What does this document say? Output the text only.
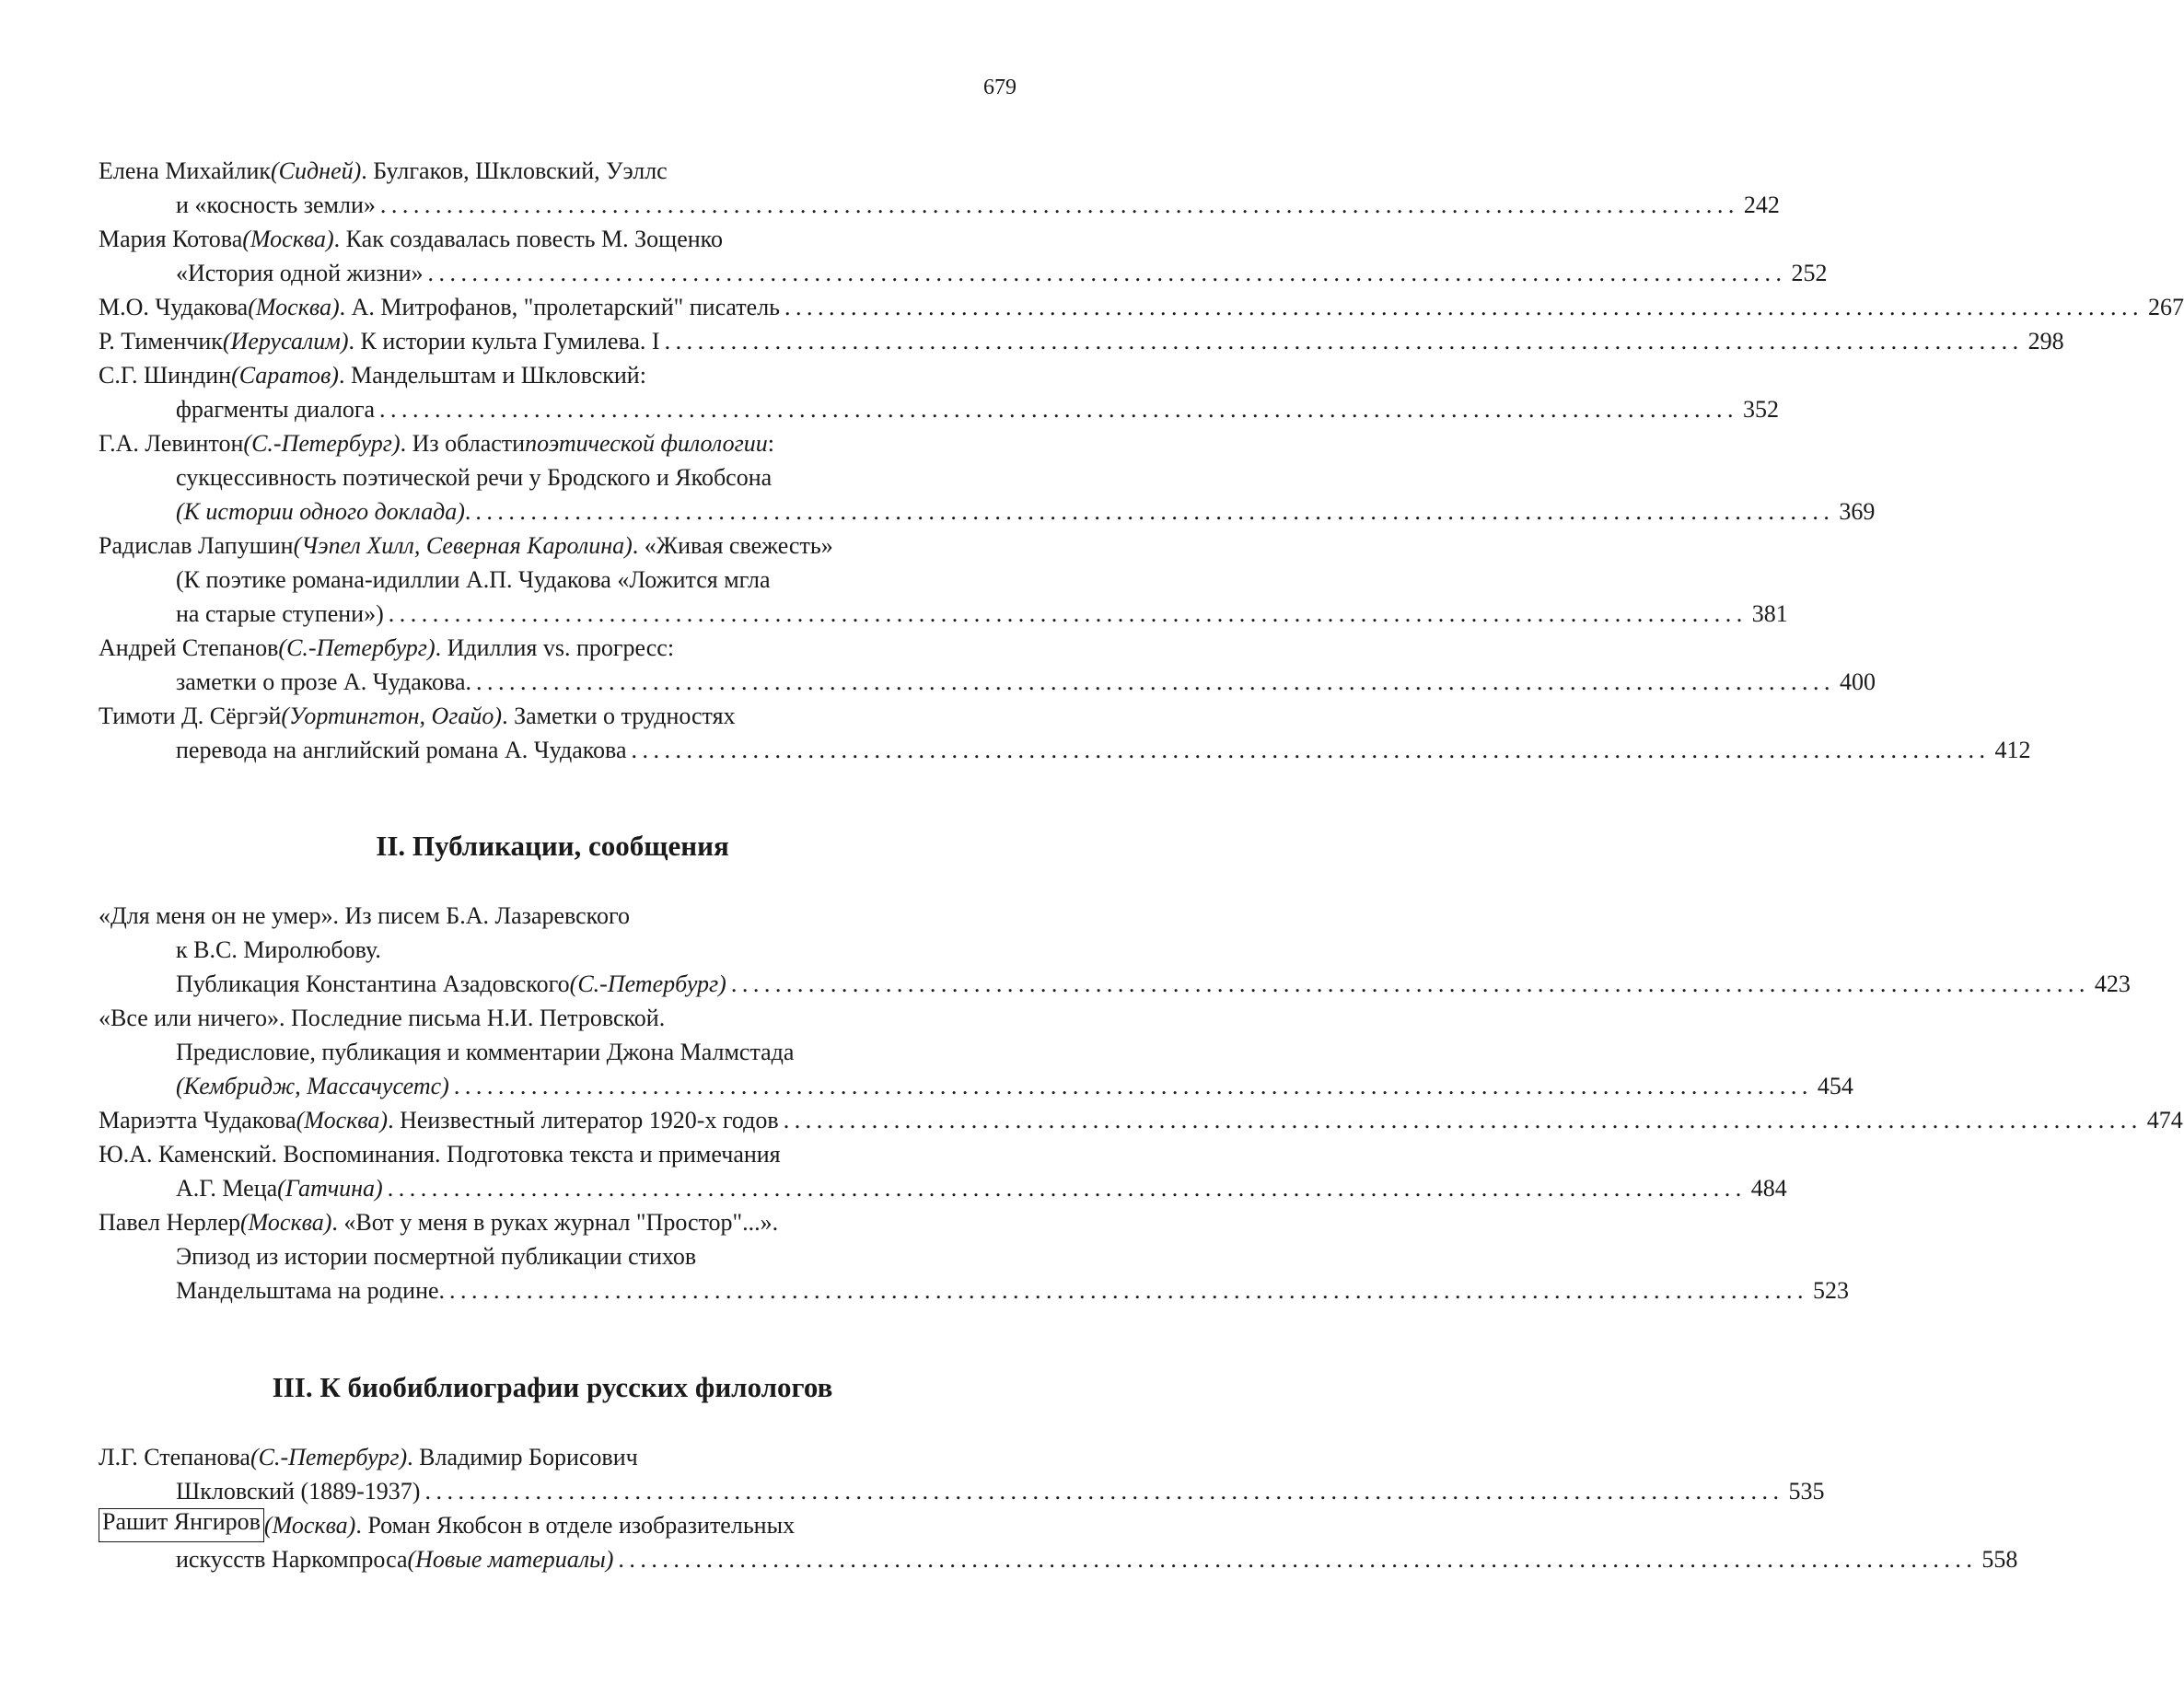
679
Елена Михайлик (Сидней) . Булгаков, Шкловский, Уэллс
и «косность земли» ........................................................................................................................... 242
Мария Котова (Москва) . Как создавалась повесть М. Зощенко
«История одной жизни» ........................................................................................................................... 252
М.О. Чудакова (Москва) . А. Митрофанов, "пролетарский" писатель ........................................................................................................................... 267
Р. Тименчик (Иерусалим) . К истории культа Гумилева. I ........................................................................................................................... 298
С.Г. Шиндин (Саратов) . Мандельштам и Шкловский:
фрагменты диалога ........................................................................................................................... 352
Г.А. Левинтон (С.-Петербург) . Из области поэтической филологии :
сукцессивность поэтической речи у Бродского и Якобсона
(К истории одного доклада) . ........................................................................................................................... 369
Радислав Лапушин (Чэпел Хилл, Северная Каролина) . «Живая свежесть»
(К поэтике романа-идиллии А.П. Чудакова «Ложится мгла
на старые ступени») ........................................................................................................................... 381
Андрей Степанов (С.-Петербург) . Идиллия vs. прогресс:
заметки о прозе А. Чудакова. ........................................................................................................................... 400
Тимоти Д. Сёргэй (Уортингтон, Огайо) . Заметки о трудностях
перевода на английский романа А. Чудакова ........................................................................................................................... 412
II. Публикации, сообщения
«Для меня он не умер». Из писем Б.А. Лазаревского
к В.С. Миролюбову.
Публикация Константина Азадовского (С.-Петербург) ........................................................................................................................... 423
«Все или ничего». Последние письма Н.И. Петровской.
Предисловие, публикация и комментарии Джона Малмстада
(Кембридж, Массачусетс) ........................................................................................................................... 454
Мариэтта Чудакова (Москва) . Неизвестный литератор 1920-х годов ........................................................................................................................... 474
Ю.А. Каменский. Воспоминания. Подготовка текста и примечания
А.Г. Меца (Гатчина) ........................................................................................................................... 484
Павел Нерлер (Москва) . «Вот у меня в руках журнал "Простор"...».
Эпизод из истории посмертной публикации стихов
Мандельштама на родине. ........................................................................................................................... 523
III. К биобиблиографии русских филологов
Л.Г. Степанова (С.-Петербург) . Владимир Борисович
Шкловский (1889-1937) ........................................................................................................................... 535
Рашит Янгиров (Москва) . Роман Якобсон в отделе изобразительных
искусств Наркомпроса (Новые материалы) ........................................................................................................................... 558
